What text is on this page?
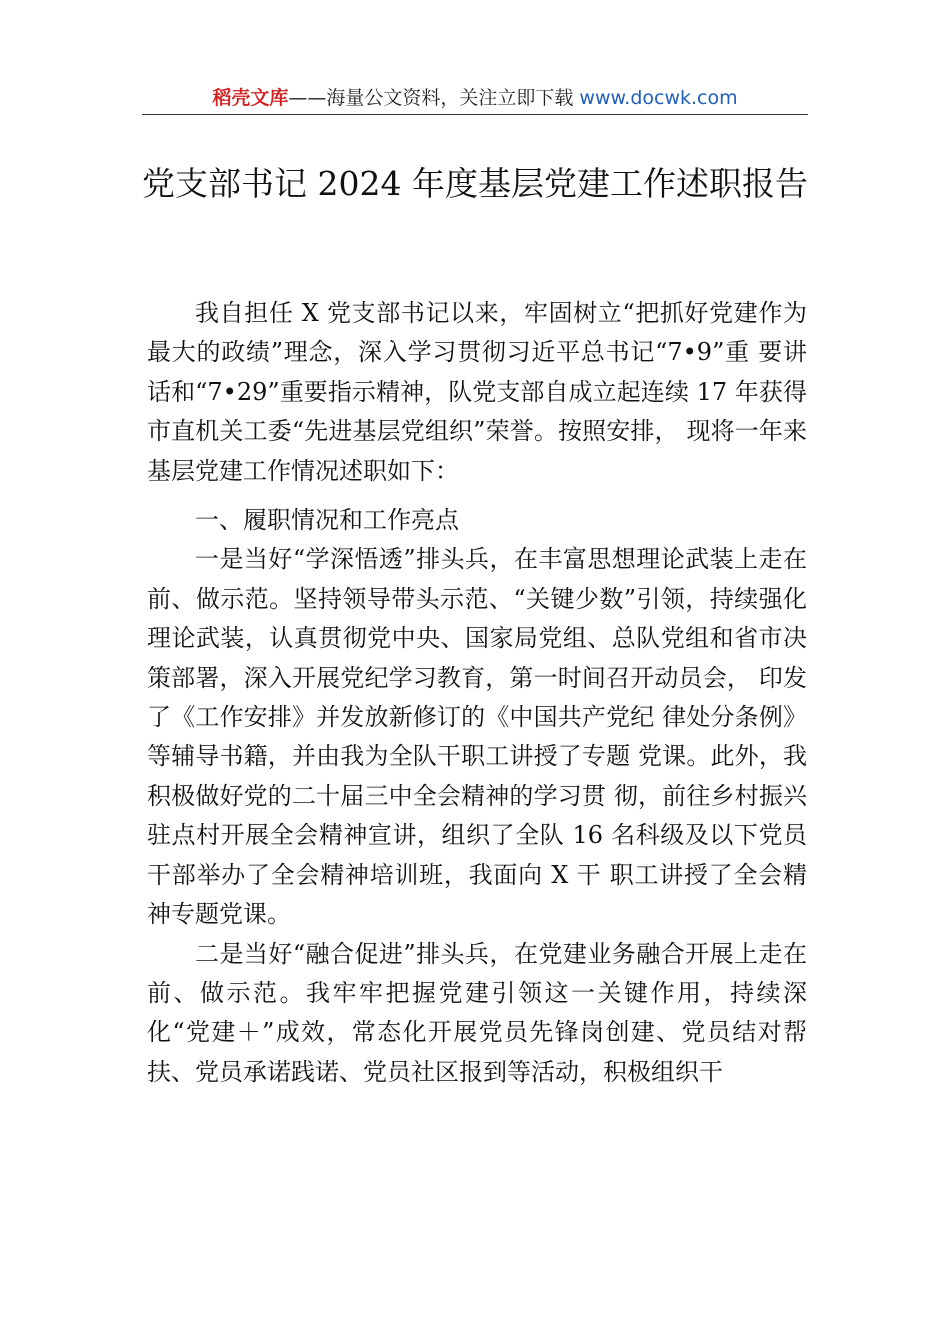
稻壳文库——海量公文资料，关注立即下载 www.docwk.com
党支部书记 2024 年度基层党建工作述职报告

我自担任 X 党支部书记以来，牢固树立“把抓好党建作为最大的政绩”理念，深入学习贯彻习近平总书记“7•9”重 要讲话和“7•29”重要指示精神，队党支部自成立起连续 17 年获得市直机关工委“先进基层党组织”荣誉。按照安排， 现将一年来基层党建工作情况述职如下：

一、履职情况和工作亮点

一是当好“学深悟透”排头兵，在丰富思想理论武装上走在前、做示范。坚持领导带头示范、“关键少数”引领，持续强化理论武装，认真贯彻党中央、国家局党组、总队党组和省市决策部署，深入开展党纪学习教育，第一时间召开动员会， 印发了《工作安排》并发放新修订的《中国共产党纪 律处分条例》等辅导书籍，并由我为全队干职工讲授了专题 党课。此外，我积极做好党的二十届三中全会精神的学习贯 彻，前往乡村振兴驻点村开展全会精神宣讲，组织了全队 16 名科级及以下党员干部举办了全会精神培训班，我面向 X 干 职工讲授了全会精神专题党课。

二是当好“融合促进”排头兵，在党建业务融合开展上走在前、做示范。我牢牢把握党建引领这一关键作用，持续深化“党建＋”成效，常态化开展党员先锋岗创建、党员结对帮扶、党员承诺践诺、党员社区报到等活动，积极组织干
